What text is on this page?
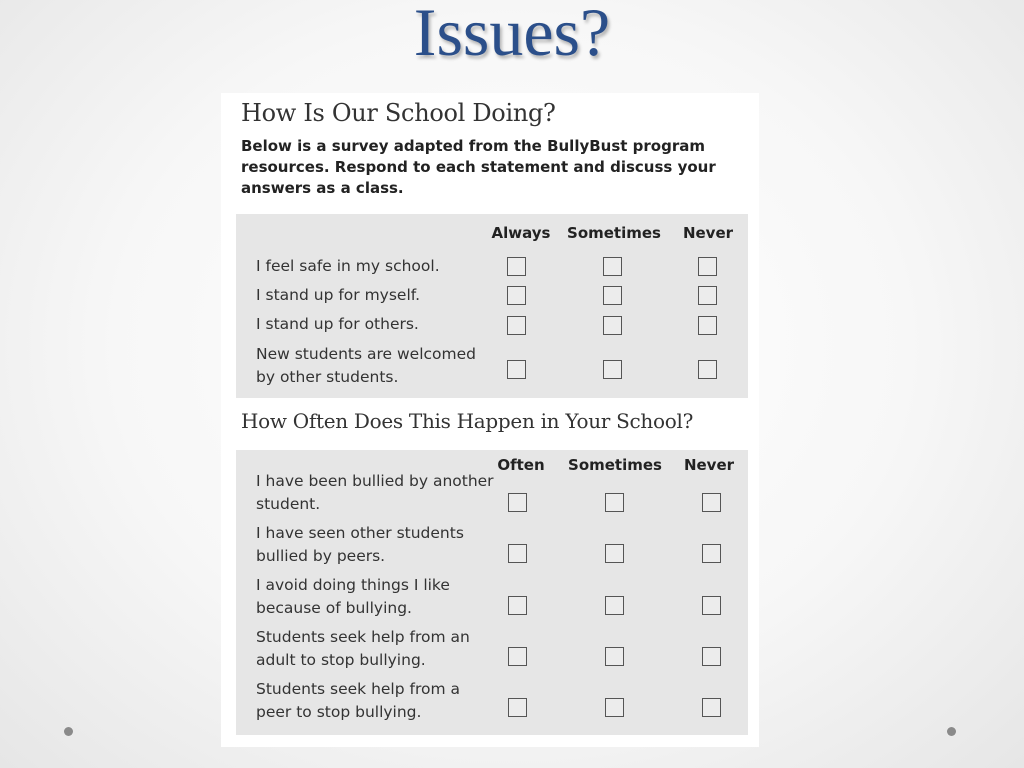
Issues?
How Is Our School Doing?

Below is a survey adapted from the BullyBust program resources. Respond to each statement and discuss your answers as a class.

Always	Sometimes	Never

I feel safe in my school.

I stand up for myself.

I stand up for others.

New students are welcomed by other students.

How Often Does This Happen in Your School?
Often	Sometimes	Never

I have been bullied by another student.

I have seen other students bullied by peers.

I avoid doing things I like because of bullying.

Students seek help from an adult to stop bullying.

Students seek help from a peer to stop bullying.
